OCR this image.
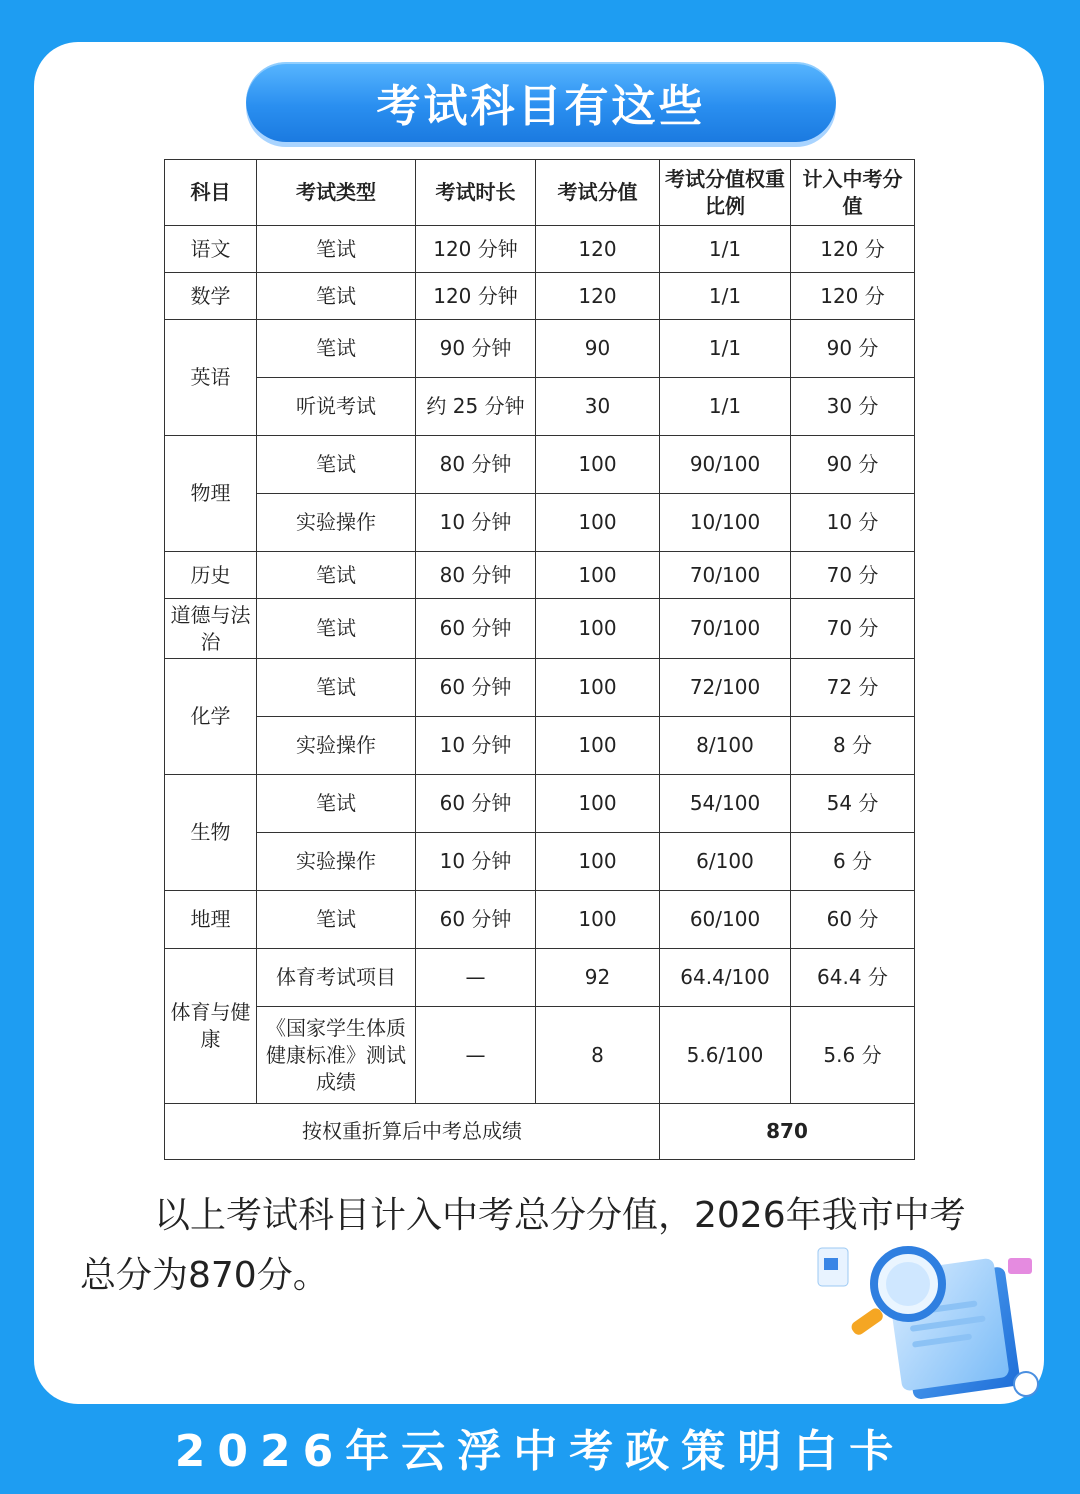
考试科目有这些
科目	考试类型	考试时长	考试分值	考试分值权重比例	计入中考分值
语文	笔试	120 分钟	120	1/1	120 分
数学	笔试	120 分钟	120	1/1	120 分
英语	笔试	90 分钟	90	1/1	90 分
	听说考试	约 25 分钟	30	1/1	30 分
物理	笔试	80 分钟	100	90/100	90 分
	实验操作	10 分钟	100	10/100	10 分
历史	笔试	80 分钟	100	70/100	70 分
道德与法治	笔试	60 分钟	100	70/100	70 分
化学	笔试	60 分钟	100	72/100	72 分
	实验操作	10 分钟	100	8/100	8 分
生物	笔试	60 分钟	100	54/100	54 分
	实验操作	10 分钟	100	6/100	6 分
地理	笔试	60 分钟	100	60/100	60 分
体育与健康	体育考试项目	—	92	64.4/100	64.4 分
	《国家学生体质健康标准》测试成绩	—	8	5.6/100	5.6 分
按权重折算后中考总成绩				870	

以上考试科目计入中考总分分值，2026年我市中考总分为870分。

2026年云浮中考政策明白卡
